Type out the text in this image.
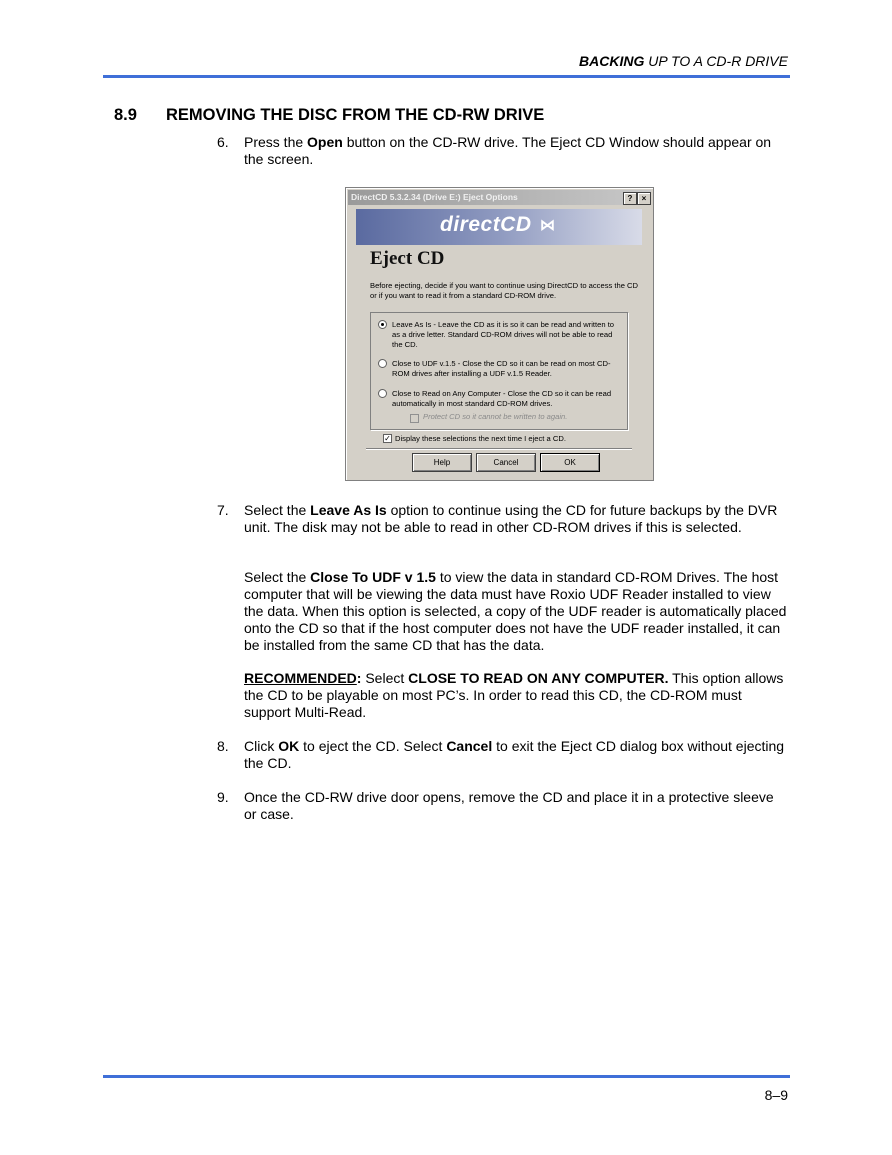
BACKING UP TO A CD-R DRIVE
8.9 REMOVING THE DISC FROM THE CD-RW DRIVE
6. Press the Open button on the CD-RW drive. The Eject CD Window should appear on the screen.
DirectCD 5.3.2.34 (Drive E:) Eject Options	?	×
directCD ⋈
Eject CD
Before ejecting, decide if you want to continue using DirectCD to access the CD or if you want to read it from a standard CD-ROM drive.
Leave As Is - Leave the CD as it is so it can be read and written to as a drive letter. Standard CD-ROM drives will not be able to read the CD.
Close to UDF v.1.5 - Close the CD so it can be read on most CD-ROM drives after installing a UDF v.1.5 Reader.
Close to Read on Any Computer - Close the CD so it can be read automatically in most standard CD-ROM drives.
Protect CD so it cannot be written to again.
✓ Display these selections the next time I eject a CD.
Help	Cancel	OK
7. Select the Leave As Is option to continue using the CD for future backups by the DVR unit. The disk may not be able to read in other CD-ROM drives if this is selected.
Select the Close To UDF v 1.5 to view the data in standard CD-ROM Drives. The host computer that will be viewing the data must have Roxio UDF Reader installed to view the data. When this option is selected, a copy of the UDF reader is automatically placed onto the CD so that if the host computer does not have the UDF reader installed, it can be installed from the same CD that has the data.
RECOMMENDED: Select CLOSE TO READ ON ANY COMPUTER. This option allows the CD to be playable on most PC’s. In order to read this CD, the CD-ROM must support Multi-Read.
8. Click OK to eject the CD. Select Cancel to exit the Eject CD dialog box without ejecting the CD.
9. Once the CD-RW drive door opens, remove the CD and place it in a protective sleeve or case.
8–9
